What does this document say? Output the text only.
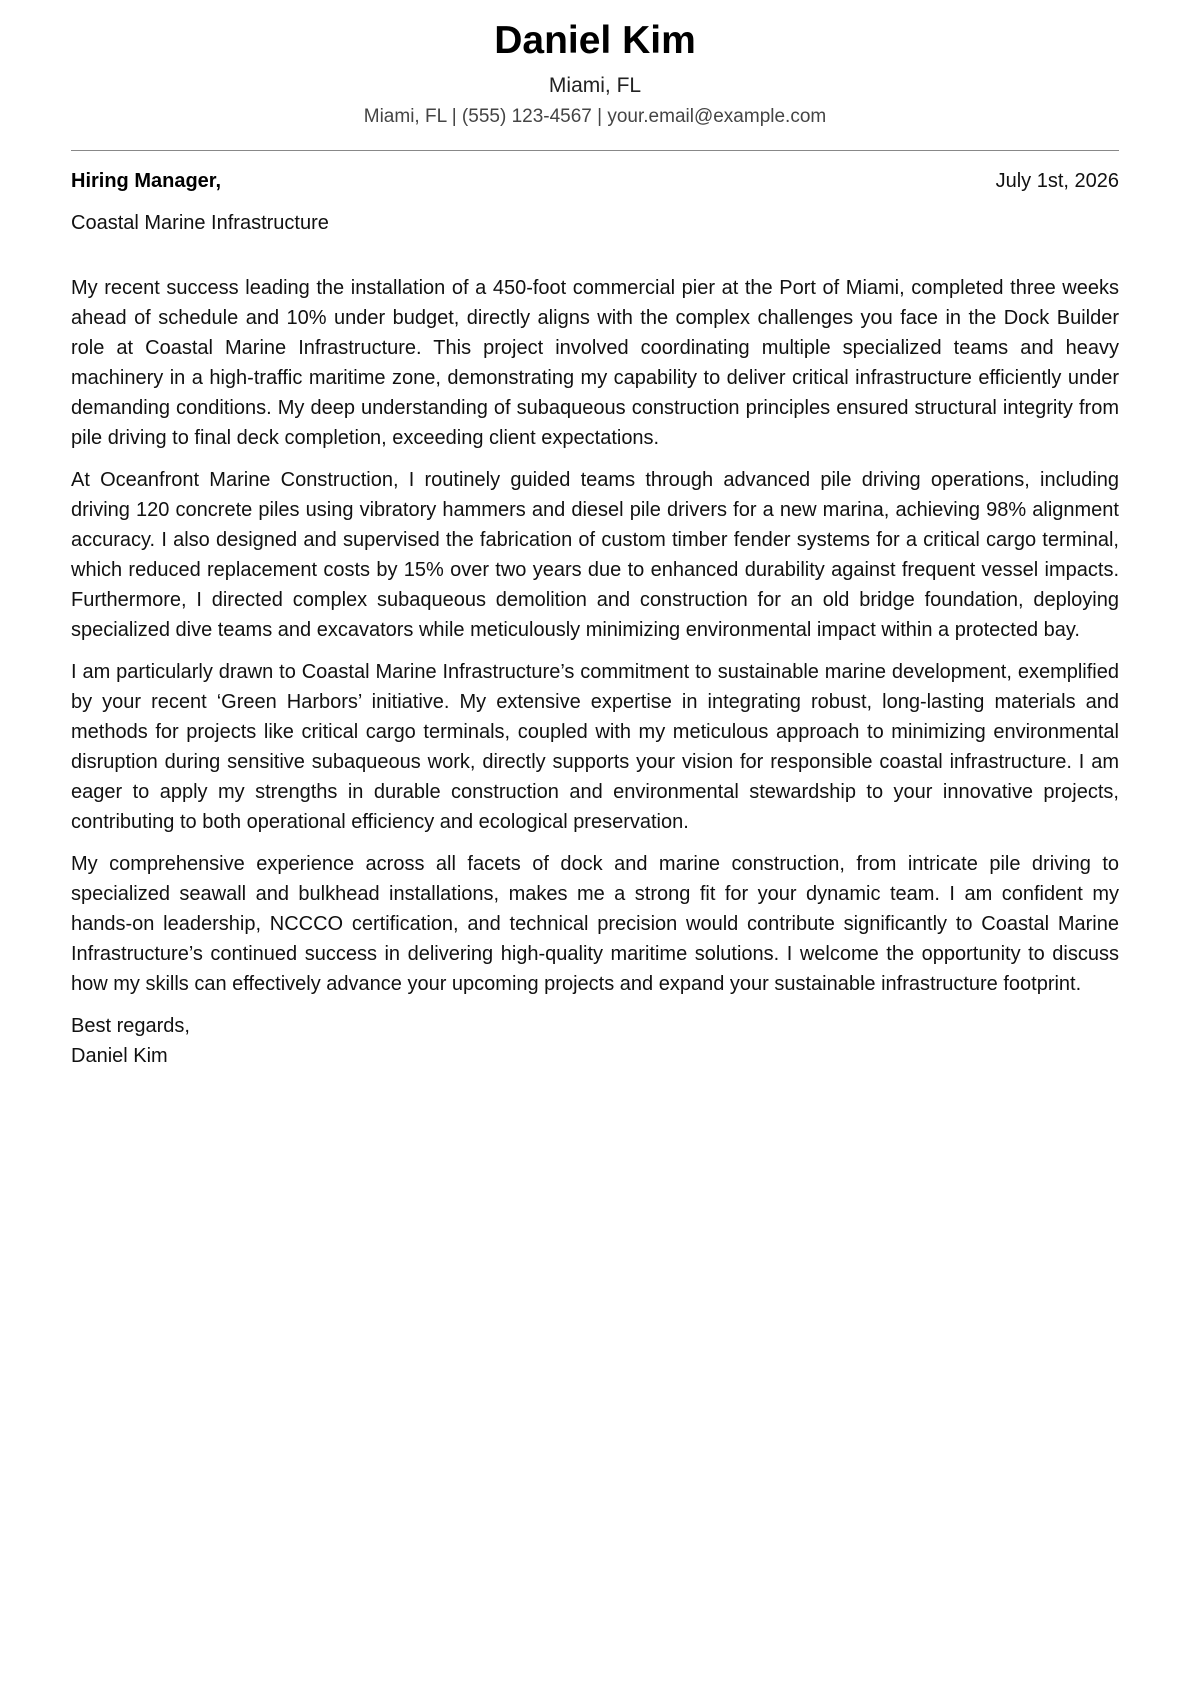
Daniel Kim
Miami, FL
Miami, FL | (555) 123-4567 | your.email@example.com
Hiring Manager,	July 1st, 2026
Coastal Marine Infrastructure

My recent success leading the installation of a 450-foot commercial pier at the Port of Miami, completed three weeks ahead of schedule and 10% under budget, directly aligns with the complex challenges you face in the Dock Builder role at Coastal Marine Infrastructure. This project involved coordinating multiple specialized teams and heavy machinery in a high-traffic maritime zone, demonstrating my capability to deliver critical infrastructure efficiently under demanding conditions. My deep understanding of subaqueous construction principles ensured structural integrity from pile driving to final deck completion, exceeding client expectations.

At Oceanfront Marine Construction, I routinely guided teams through advanced pile driving operations, including driving 120 concrete piles using vibratory hammers and diesel pile drivers for a new marina, achieving 98% alignment accuracy. I also designed and supervised the fabrication of custom timber fender systems for a critical cargo terminal, which reduced replacement costs by 15% over two years due to enhanced durability against frequent vessel impacts. Furthermore, I directed complex subaqueous demolition and construction for an old bridge foundation, deploying specialized dive teams and excavators while meticulously minimizing environmental impact within a protected bay.

I am particularly drawn to Coastal Marine Infrastructure’s commitment to sustainable marine development, exemplified by your recent ‘Green Harbors’ initiative. My extensive expertise in integrating robust, long-lasting materials and methods for projects like critical cargo terminals, coupled with my meticulous approach to minimizing environmental disruption during sensitive subaqueous work, directly supports your vision for responsible coastal infrastructure. I am eager to apply my strengths in durable construction and environmental stewardship to your innovative projects, contributing to both operational efficiency and ecological preservation.

My comprehensive experience across all facets of dock and marine construction, from intricate pile driving to specialized seawall and bulkhead installations, makes me a strong fit for your dynamic team. I am confident my hands-on leadership, NCCCO certification, and technical precision would contribute significantly to Coastal Marine Infrastructure’s continued success in delivering high-quality maritime solutions. I welcome the opportunity to discuss how my skills can effectively advance your upcoming projects and expand your sustainable infrastructure footprint.

Best regards,
Daniel Kim
